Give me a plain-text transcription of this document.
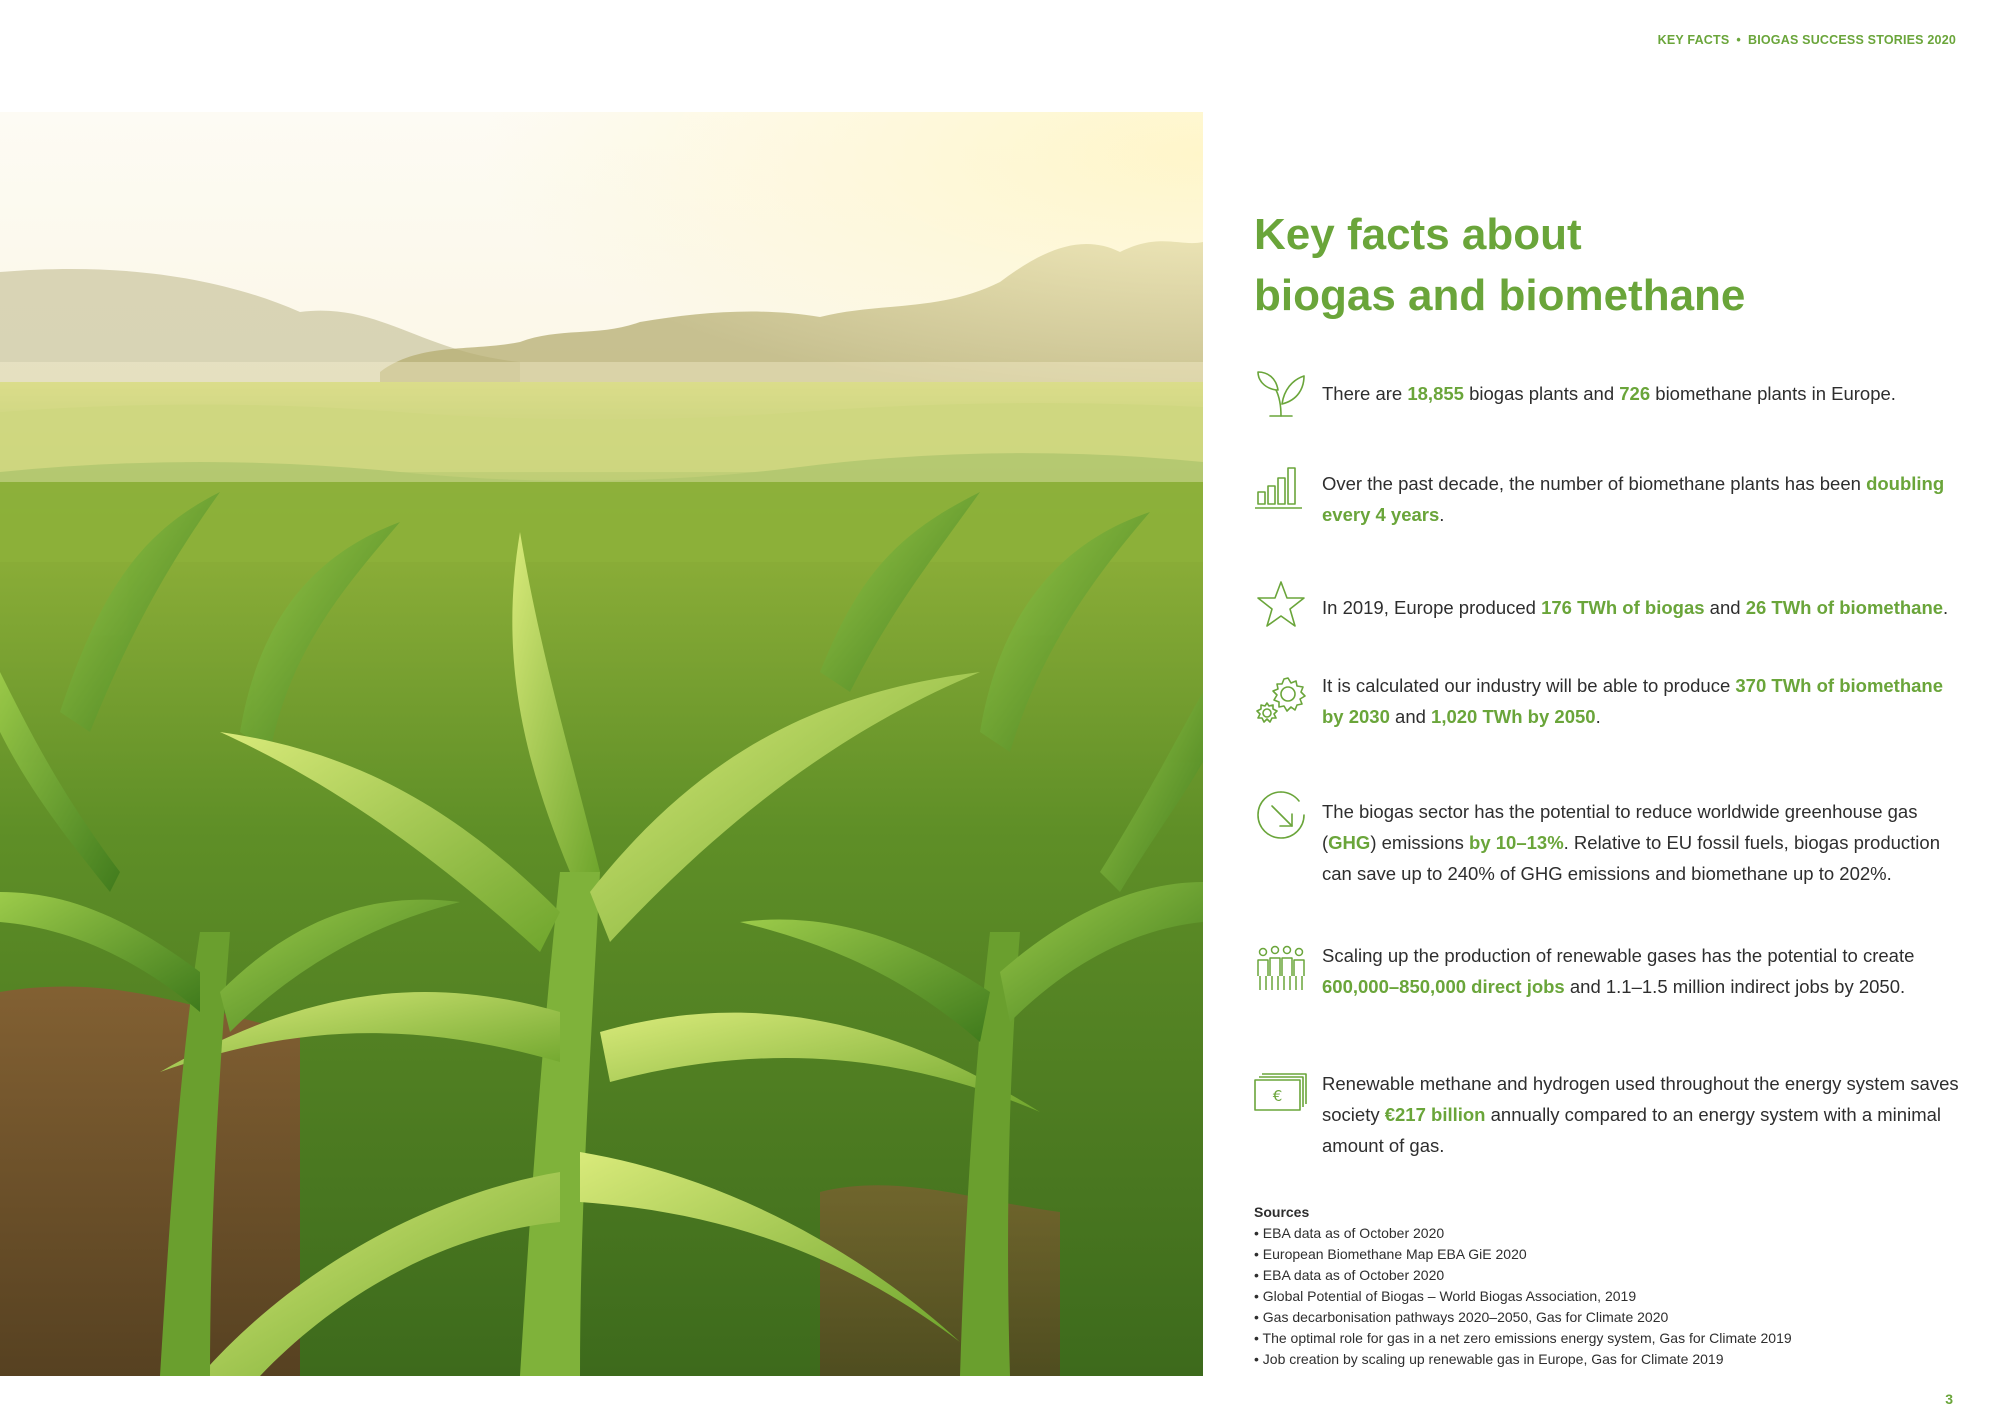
KEY FACTS • BIOGAS SUCCESS STORIES 2020
Key facts about
biogas and biomethane
There are 18,855 biogas plants and 726 biomethane plants in Europe.
Over the past decade, the number of biomethane plants has been doubling every 4 years.
In 2019, Europe produced 176 TWh of biogas and 26 TWh of biomethane.
It is calculated our industry will be able to produce 370 TWh of biomethane by 2030 and 1,020 TWh by 2050.
The biogas sector has the potential to reduce worldwide greenhouse gas (GHG) emissions by 10–13%. Relative to EU fossil fuels, biogas production can save up to 240% of GHG emissions and biomethane up to 202%.
Scaling up the production of renewable gases has the potential to create 600,000–850,000 direct jobs and 1.1–1.5 million indirect jobs by 2050.
€
Renewable methane and hydrogen used throughout the energy system saves society €217 billion annually compared to an energy system with a minimal amount of gas.
Sources
• EBA data as of October 2020
• European Biomethane Map EBA GiE 2020
• EBA data as of October 2020
• Global Potential of Biogas – World Biogas Association, 2019
• Gas decarbonisation pathways 2020–2050, Gas for Climate 2020
• The optimal role for gas in a net zero emissions energy system, Gas for Climate 2019
• Job creation by scaling up renewable gas in Europe, Gas for Climate 2019
3
